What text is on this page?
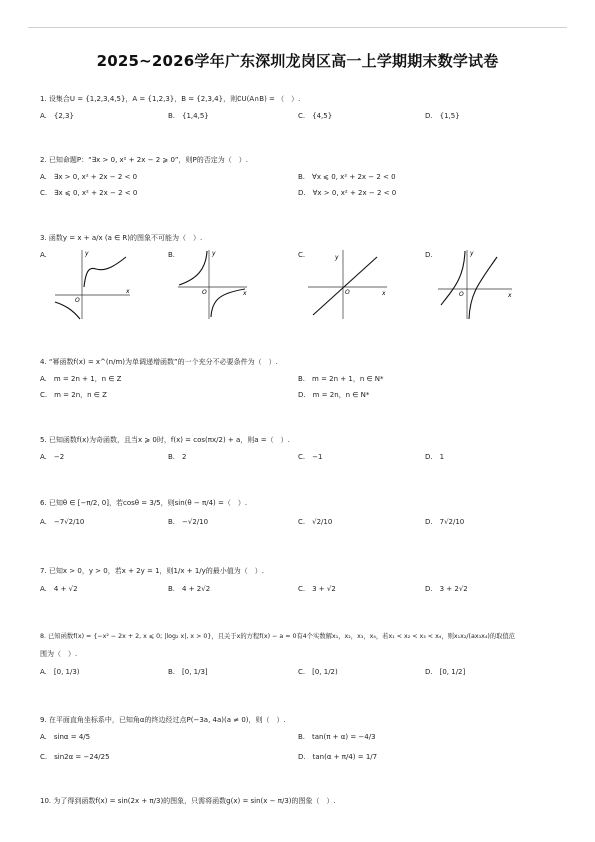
2025~2026学年广东深圳龙岗区高一上学期期末数学试卷
1. 设集合U = {1,2,3,4,5}，A = {1,2,3}，B = {2,3,4}，则∁U(A∩B) = （　）.
A.　{2,3}	B.　{1,4,5}	C.　{4,5}	D.　{1,5}
2. 已知命题P：“∃x > 0, x² + 2x − 2 ⩾ 0”，则P的否定为（　）.
A.　∃x > 0, x² + 2x − 2 < 0	B.　∀x ⩽ 0, x² + 2x − 2 < 0
C.　∃x ⩽ 0, x² + 2x − 2 < 0	D.　∀x > 0, x² + 2x − 2 < 0
3. 函数y = x + a/x (a ∈ R)的图象不可能为（　）.
A.	B.	C.	D.
O
x
y
O	x
y
O	x
y
O	x
y
4. “幂函数f(x) = x^(n/m)为单调递增函数”的一个充分不必要条件为（　）.
A.　m = 2n + 1，n ∈ Z	B.　m = 2n + 1，n ∈ N*
C.　m = 2n，n ∈ Z	D.　m = 2n，n ∈ N*
5. 已知函数f(x)为奇函数，且当x ⩾ 0时，f(x) = cos(πx/2) + a，则a =（　）.
A.　−2	B.　2	C.　−1	D.　1
6. 已知θ ∈ [−π/2, 0]，若cosθ = 3/5，则sin(θ − π/4) =（　）.
A.　−7√2/10	B.　−√2/10	C.　√2/10	D.　7√2/10
7. 已知x > 0，y > 0，若x + 2y = 1，则1/x + 1/y的最小值为（　）.
A.　4 + √2	B.　4 + 2√2	C.　3 + √2	D.　3 + 2√2
8. 已知函数f(x) = {−x² − 2x + 2, x ⩽ 0; |log₂ x|, x > 0}，且关于x的方程f(x) − a = 0有4个实数解x₁，x₂，x₃，x₄，若x₁ < x₂ < x₃ < x₄，则x₁x₂/(ax₃x₄)的取值范
围为（　）.
A.　[0, 1/3)	B.　[0, 1/3]	C.　[0, 1/2)	D.　[0, 1/2]
9. 在平面直角坐标系中，已知角α的终边经过点P(−3a, 4a)(a ≠ 0)，则（　）.
A.　sinα = 4/5	B.　tan(π + α) = −4/3
C.　sin2α = −24/25	D.　tan(α + π/4) = 1/7
10. 为了得到函数f(x) = sin(2x + π/3)的图象，只需将函数g(x) = sin(x − π/3)的图象（　）.
